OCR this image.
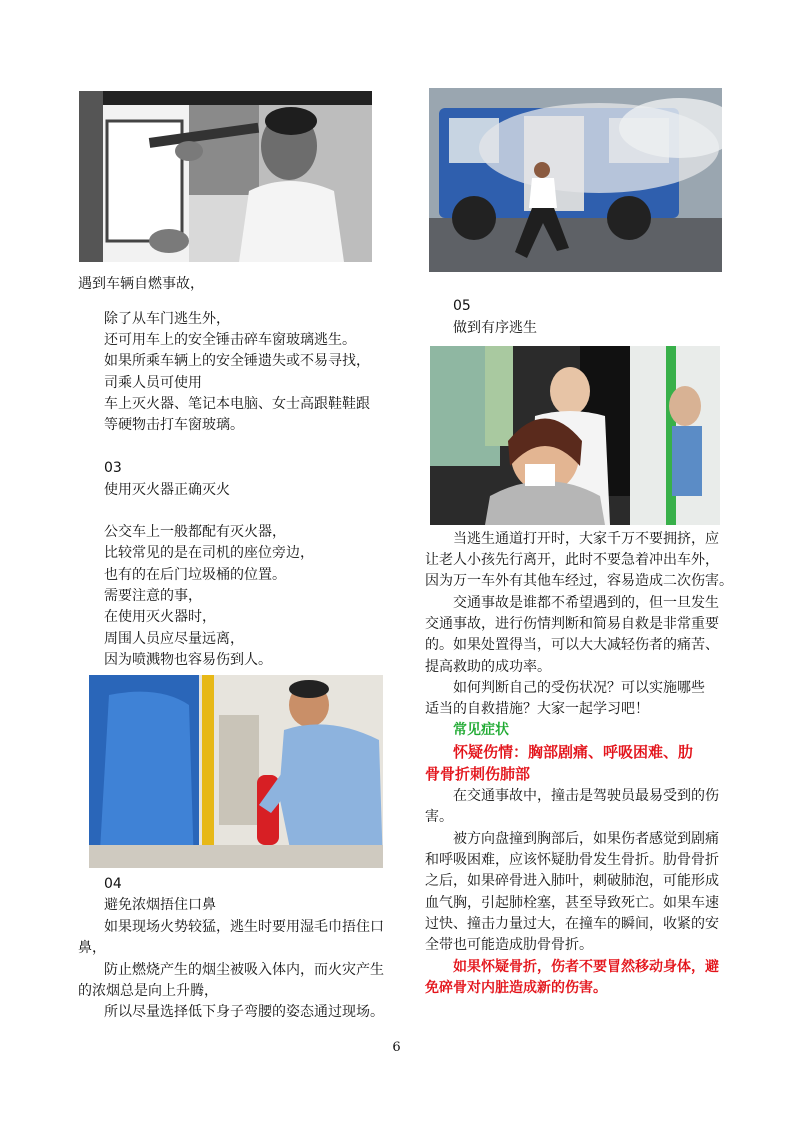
遇到车辆自燃事故，
除了从车门逃生外，
还可用车上的安全锤击碎车窗玻璃逃生。
如果所乘车辆上的安全锤遗失或不易寻找，
司乘人员可使用
车上灭火器、笔记本电脑、女士高跟鞋鞋跟
等硬物击打车窗玻璃。
03
使用灭火器正确灭火
公交车上一般都配有灭火器，
比较常见的是在司机的座位旁边，
也有的在后门垃圾桶的位置。
需要注意的事，
在使用灭火器时，
周围人员应尽量远离，
因为喷溅物也容易伤到人。
04
避免浓烟捂住口鼻
如果现场火势较猛，逃生时要用湿毛巾捂住口
鼻，
防止燃烧产生的烟尘被吸入体内，而火灾产生
的浓烟总是向上升腾，
所以尽量选择低下身子弯腰的姿态通过现场。
05
做到有序逃生
当逃生通道打开时，大家千万不要拥挤，应
让老人小孩先行离开，此时不要急着冲出车外，
因为万一车外有其他车经过，容易造成二次伤害。
交通事故是谁都不希望遇到的，但一旦发生
交通事故，进行伤情判断和简易自救是非常重要
的。如果处置得当，可以大大减轻伤者的痛苦、
提高救助的成功率。
如何判断自己的受伤状况？可以实施哪些
适当的自救措施？大家一起学习吧！
常见症状
怀疑伤情：胸部剧痛、呼吸困难、肋
骨骨折刺伤肺部
在交通事故中，撞击是驾驶员最易受到的伤
害。
被方向盘撞到胸部后，如果伤者感觉到剧痛
和呼吸困难，应该怀疑肋骨发生骨折。肋骨骨折
之后，如果碎骨进入肺叶，刺破肺泡，可能形成
血气胸，引起肺栓塞，甚至导致死亡。如果车速
过快、撞击力量过大，在撞车的瞬间，收紧的安
全带也可能造成肋骨骨折。
如果怀疑骨折，伤者不要冒然移动身体，避
免碎骨对内脏造成新的伤害。
6
